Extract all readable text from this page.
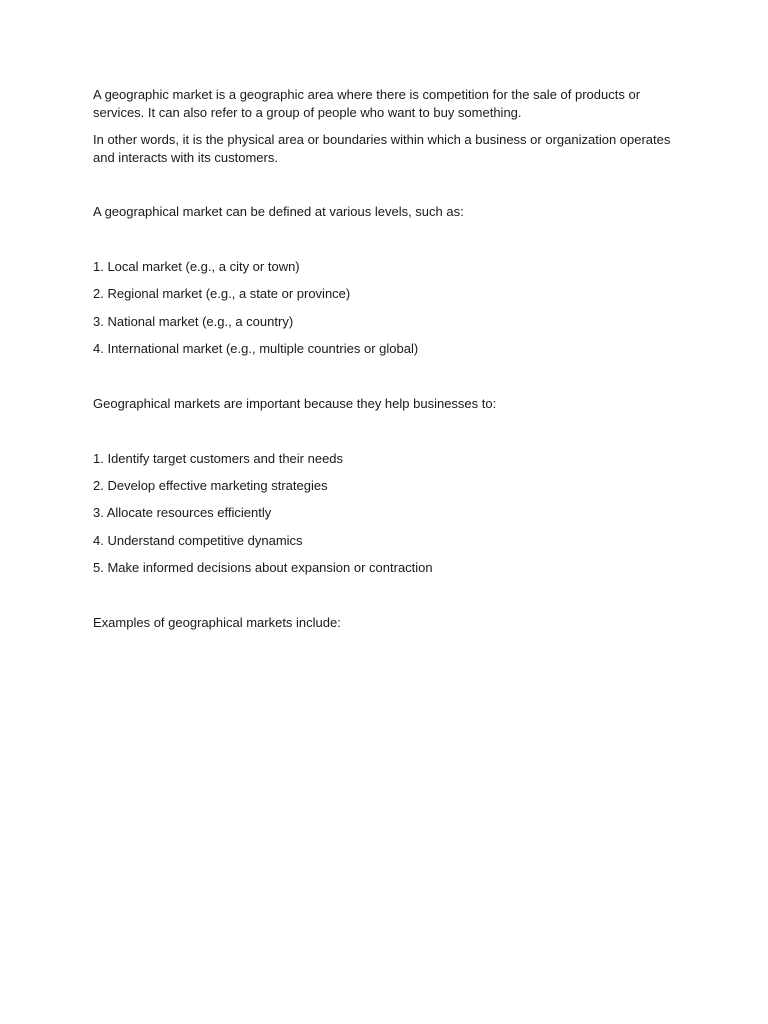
A geographic market is a geographic area where there is competition for the sale of products or services. It can also refer to a group of people who want to buy something.

In other words, it is the physical area or boundaries within which a business or organization operates and interacts with its customers.

A geographical market can be defined at various levels, such as:

1. Local market (e.g., a city or town)
2. Regional market (e.g., a state or province)
3. National market (e.g., a country)
4. International market (e.g., multiple countries or global)

Geographical markets are important because they help businesses to:

1. Identify target customers and their needs
2. Develop effective marketing strategies
3. Allocate resources efficiently
4. Understand competitive dynamics
5. Make informed decisions about expansion or contraction

Examples of geographical markets include:
